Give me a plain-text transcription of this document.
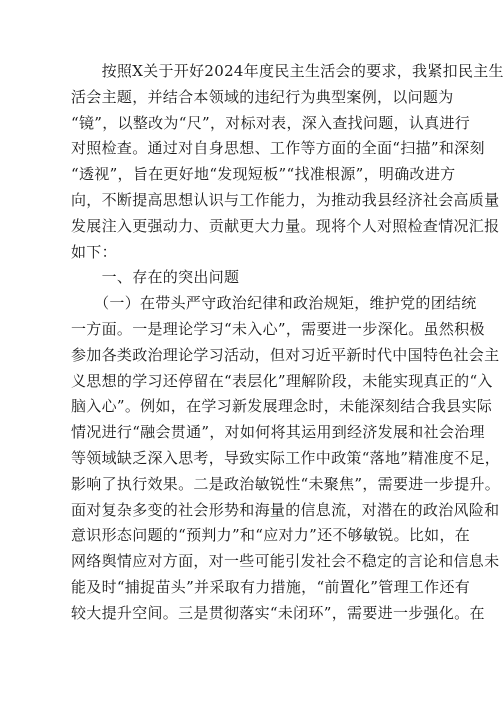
　　按照X关于开好2024年度民主生活会的要求，我紧扣民主生
活会主题，并结合本领域的违纪行为典型案例，以问题为
“镜”，以整改为“尺”，对标对表，深入查找问题，认真进行
对照检查。通过对自身思想、工作等方面的全面“扫描”和深刻
“透视”，旨在更好地“发现短板”“找准根源”，明确改进方
向，不断提高思想认识与工作能力，为推动我县经济社会高质量
发展注入更强动力、贡献更大力量。现将个人对照检查情况汇报
如下：
　　一、存在的突出问题
　　（一）在带头严守政治纪律和政治规矩，维护党的团结统
一方面。一是理论学习“未入心”，需要进一步深化。虽然积极
参加各类政治理论学习活动，但对习近平新时代中国特色社会主
义思想的学习还停留在“表层化”理解阶段，未能实现真正的“入
脑入心”。例如，在学习新发展理念时，未能深刻结合我县实际
情况进行“融会贯通”，对如何将其运用到经济发展和社会治理
等领域缺乏深入思考，导致实际工作中政策“落地”精准度不足，
影响了执行效果。二是政治敏锐性“未聚焦”，需要进一步提升。
面对复杂多变的社会形势和海量的信息流，对潜在的政治风险和
意识形态问题的“预判力”和“应对力”还不够敏锐。比如，在
网络舆情应对方面，对一些可能引发社会不稳定的言论和信息未
能及时“捕捉苗头”并采取有力措施，“前置化”管理工作还有
较大提升空间。三是贯彻落实“未闭环”，需要进一步强化。在
